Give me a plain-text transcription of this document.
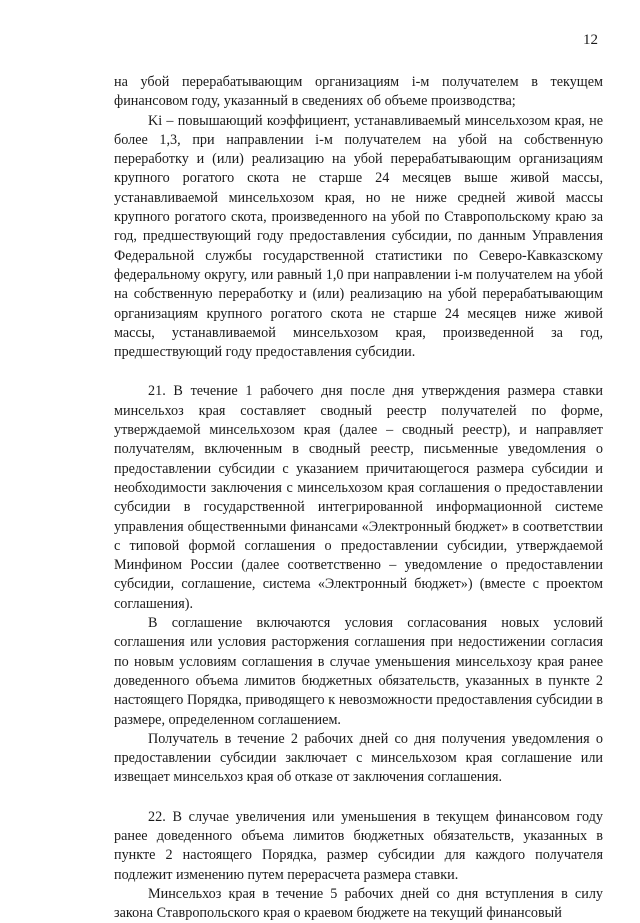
12

на убой перерабатывающим организациям i-м получателем в текущем финансовом году, указанный в сведениях об объеме производства;

Ki – повышающий коэффициент, устанавливаемый минсельхозом края, не более 1,3, при направлении i-м получателем на убой на собственную переработку и (или) реализацию на убой перерабатывающим организациям крупного рогатого скота не старше 24 месяцев выше живой массы, устанавливаемой минсельхозом края, но не ниже средней живой массы крупного рогатого скота, произведенного на убой по Ставропольскому краю за год, предшествующий году предоставления субсидии, по данным Управления Федеральной службы государственной статистики по Северо-Кавказскому федеральному округу, или равный 1,0 при направлении i-м получателем на убой на собственную переработку и (или) реализацию на убой перерабатывающим организациям крупного рогатого скота не старше 24 месяцев ниже живой массы, устанавливаемой минсельхозом края, произведенной за год, предшествующий году предоставления субсидии.

21. В течение 1 рабочего дня после дня утверждения размера ставки минсельхоз края составляет сводный реестр получателей по форме, утверждаемой минсельхозом края (далее – сводный реестр), и направляет получателям, включенным в сводный реестр, письменные уведомления о предоставлении субсидии с указанием причитающегося размера субсидии и необходимости заключения с минсельхозом края соглашения о предоставлении субсидии в государственной интегрированной информационной системе управления общественными финансами «Электронный бюджет» в соответствии с типовой формой соглашения о предоставлении субсидии, утверждаемой Минфином России (далее соответственно – уведомление о предоставлении субсидии, соглашение, система «Электронный бюджет») (вместе с проектом соглашения).

В соглашение включаются условия согласования новых условий соглашения или условия расторжения соглашения при недостижении согласия по новым условиям соглашения в случае уменьшения минсельхозу края ранее доведенного объема лимитов бюджетных обязательств, указанных в пункте 2 настоящего Порядка, приводящего к невозможности предоставления субсидии в размере, определенном соглашением.

Получатель в течение 2 рабочих дней со дня получения уведомления о предоставлении субсидии заключает с минсельхозом края соглашение или извещает минсельхоз края об отказе от заключения соглашения.

22. В случае увеличения или уменьшения в текущем финансовом году ранее доведенного объема лимитов бюджетных обязательств, указанных в пункте 2 настоящего Порядка, размер субсидии для каждого получателя подлежит изменению путем перерасчета размера ставки.

Минсельхоз края в течение 5 рабочих дней со дня вступления в силу закона Ставропольского края о краевом бюджете на текущий финансовый
